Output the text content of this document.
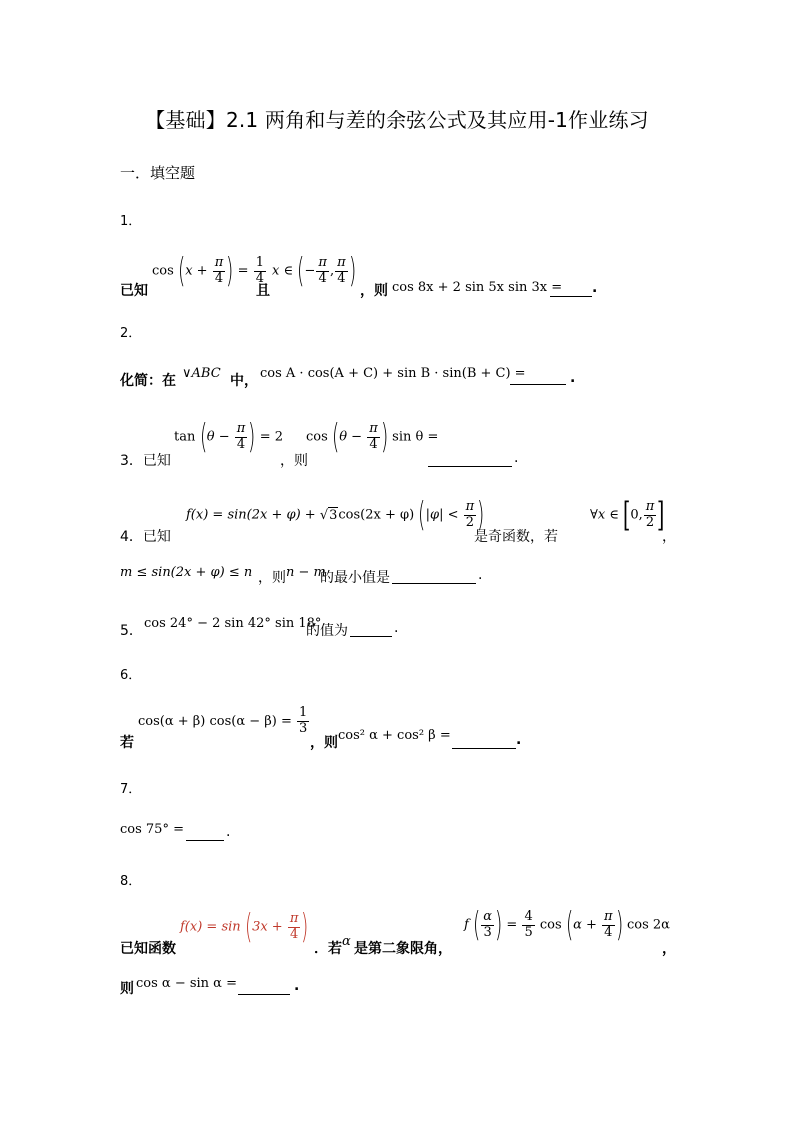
【基础】2.1 两角和与差的余弦公式及其应用-1作业练习
一．填空题
1．
已知
$\cos (x + \frac{\pi}{4}$ ) = $\frac{1}{4}$
且
x ∈ (− $\frac{\pi}{4}$ , $\frac{\pi}{4}$ ) ，则 cos 8x + 2 sin 5x sin 3x = .
2．
化简：在 ∨ABC 中， cos A · cos(A + C) + sin B · sin(B + C) =	.
3．已知
$\tan (\theta - \frac{\pi}{4}$ ) = 2
，则
$\cos (\theta - \frac{\pi}{4}$ ) sin θ =
.
4．已知
f(x) = sin(2x + φ) + √3cos(2x + φ) ($|\varphi| < \frac{\pi}{2}$ )
是奇函数，若
∀x ∈ [0, $\frac{\pi}{2}$ ]
，
m ≤ sin(2x + φ) ≤ n ，则 n − m
的最小值是	.
5． cos 24° − 2 sin 42° sin 18°
的值为	.
6．
若
cos(α + β) $\cos(\alpha - \beta) = \frac{1}{3}$
，则 cos² α + cos² β =	.
7．
cos 75° =	.
8．
已知函数
$f(x) = \sin (3x + \frac{\pi}{4}$ )
．若 α 是第二象限角，
f ( $\frac{\alpha}{3}$ ) = $\frac{4}{5}$ $\cos (\alpha + \frac{\pi}{4}$ ) cos 2α
，
则 cos α − sin α =	.
